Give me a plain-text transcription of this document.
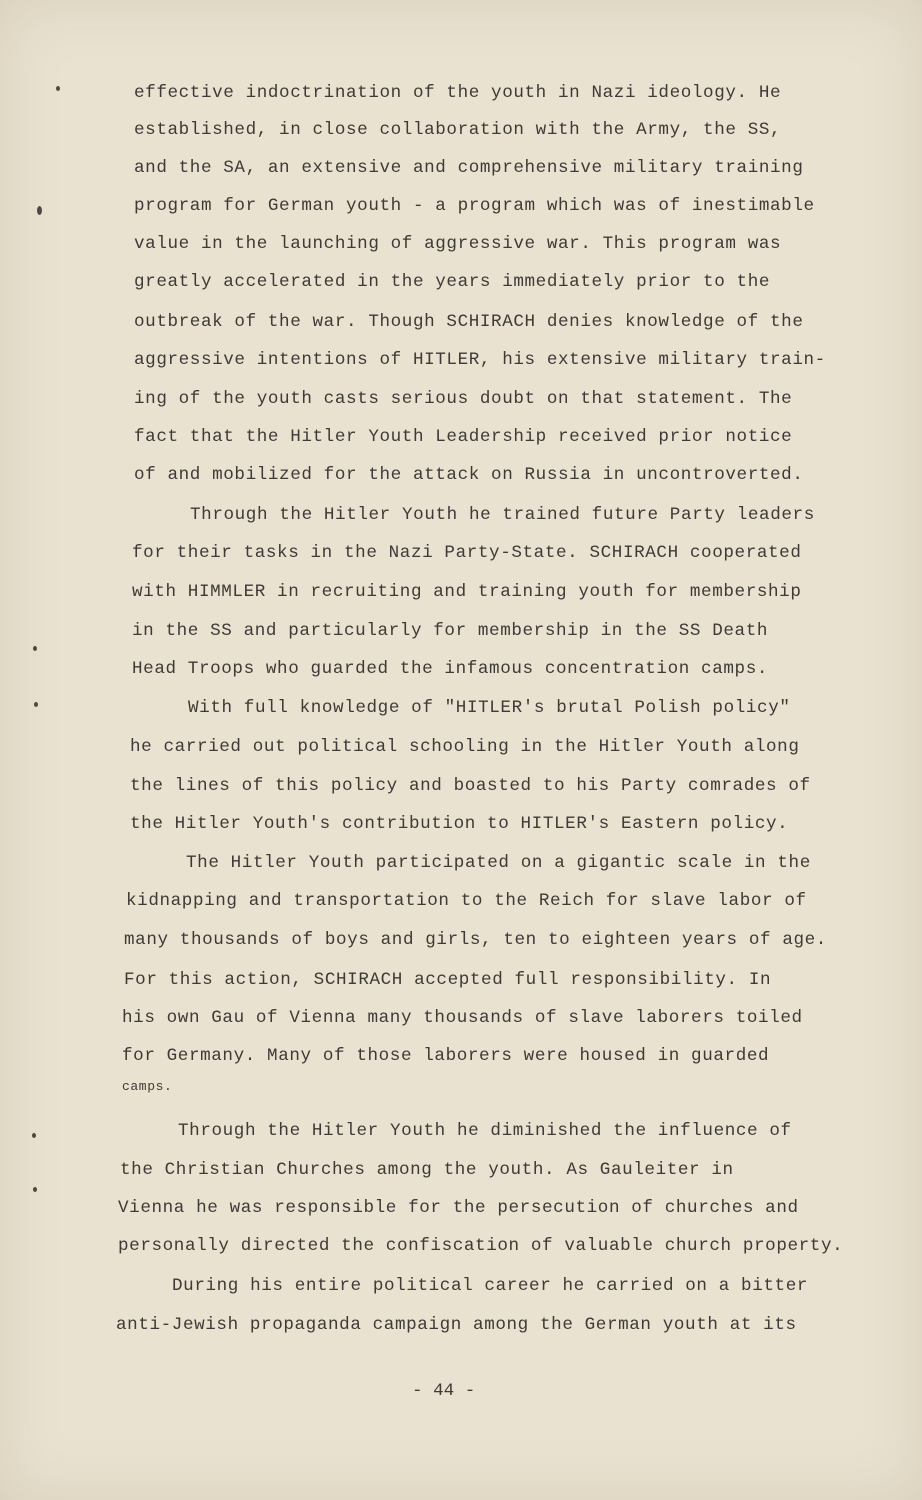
effective indoctrination of the youth in Nazi ideology. He
established, in close collaboration with the Army, the SS,
and the SA, an extensive and comprehensive military training
program for German youth - a program which was of inestimable
value in the launching of aggressive war. This program was
greatly accelerated in the years immediately prior to the
outbreak of the war. Though SCHIRACH denies knowledge of the
aggressive intentions of HITLER, his extensive military train-
ing of the youth casts serious doubt on that statement. The
fact that the Hitler Youth Leadership received prior notice
of and mobilized for the attack on Russia in uncontroverted.
Through the Hitler Youth he trained future Party leaders
for their tasks in the Nazi Party-State. SCHIRACH cooperated
with HIMMLER in recruiting and training youth for membership
in the SS and particularly for membership in the SS Death
Head Troops who guarded the infamous concentration camps.
With full knowledge of "HITLER's brutal Polish policy"
he carried out political schooling in the Hitler Youth along
the lines of this policy and boasted to his Party comrades of
the Hitler Youth's contribution to HITLER's Eastern policy.
The Hitler Youth participated on a gigantic scale in the
kidnapping and transportation to the Reich for slave labor of
many thousands of boys and girls, ten to eighteen years of age.
For this action, SCHIRACH accepted full responsibility. In
his own Gau of Vienna many thousands of slave laborers toiled
for Germany. Many of those laborers were housed in guarded
camps.
Through the Hitler Youth he diminished the influence of
the Christian Churches among the youth. As Gauleiter in
Vienna he was responsible for the persecution of churches and
personally directed the confiscation of valuable church property.
During his entire political career he carried on a bitter
anti-Jewish propaganda campaign among the German youth at its
- 44 -
